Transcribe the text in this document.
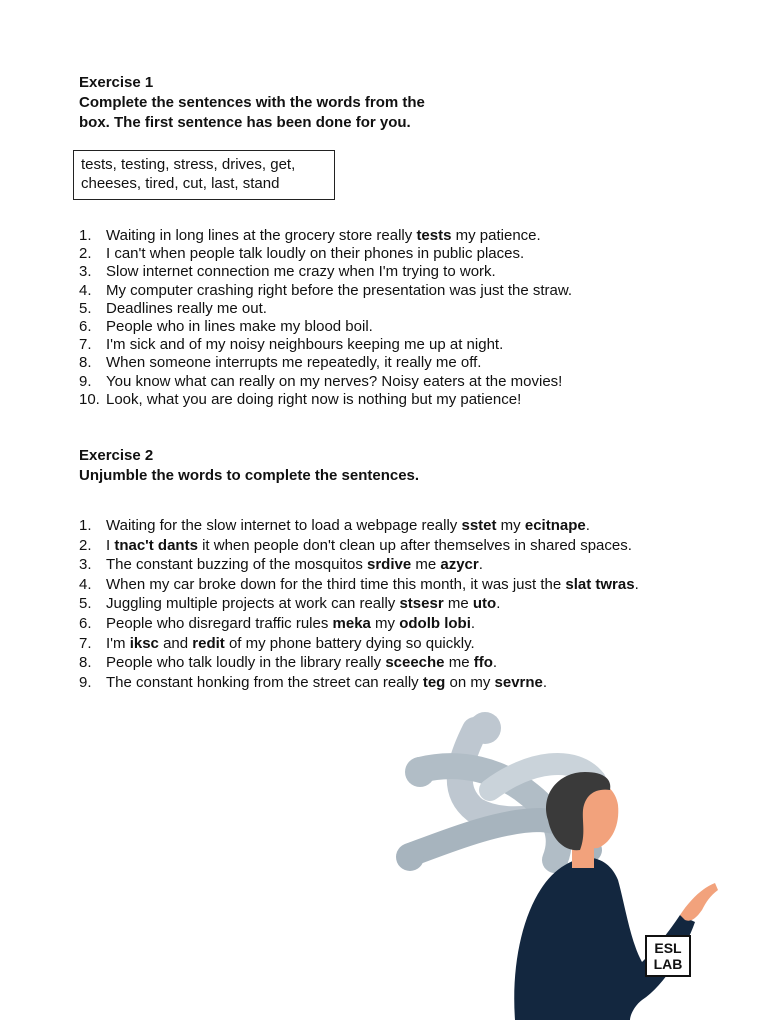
Exercise 1
Complete the sentences with the words from the
box. The first sentence has been done for you.
tests, testing, stress, drives, get,
cheeses, tired, cut, last, stand
1. Waiting in long lines at the grocery store really tests my patience.
2. I can't when people talk loudly on their phones in public places.
3. Slow internet connection me crazy when I'm trying to work.
4. My computer crashing right before the presentation was just the straw.
5. Deadlines really me out.
6. People who in lines make my blood boil.
7. I'm sick and of my noisy neighbours keeping me up at night.
8. When someone interrupts me repeatedly, it really me off.
9. You know what can really on my nerves? Noisy eaters at the movies!
10. Look, what you are doing right now is nothing but my patience!
Exercise 2
Unjumble the words to complete the sentences.
1. Waiting for the slow internet to load a webpage really sstet my ecitnape.
2. I tnac't dants it when people don't clean up after themselves in shared spaces.
3. The constant buzzing of the mosquitos srdive me azycr.
4. When my car broke down for the third time this month, it was just the slat twras.
5. Juggling multiple projects at work can really stsesr me uto.
6. People who disregard traffic rules meka my odolb lobi.
7. I'm iksc and redit of my phone battery dying so quickly.
8. People who talk loudly in the library really sceeche me ffo.
9. The constant honking from the street can really teg on my sevrne.
ESL
LAB
